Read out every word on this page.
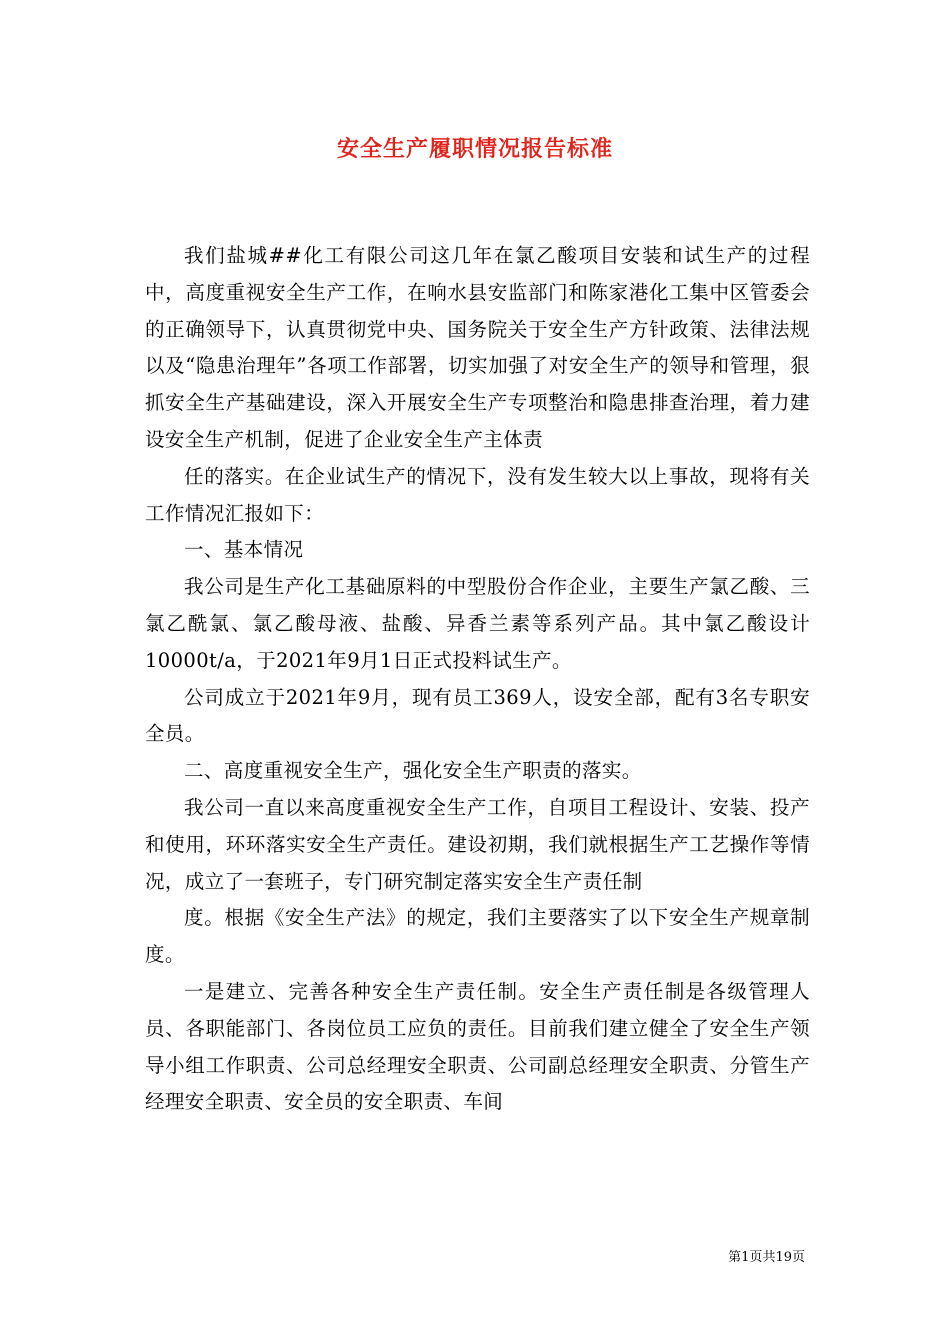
安全生产履职情况报告标准

我们盐城##化工有限公司这几年在氯乙酸项目安装和试生产的过程中，高度重视安全生产工作，在响水县安监部门和陈家港化工集中区管委会的正确领导下，认真贯彻党中央、国务院关于安全生产方针政策、法律法规以及“隐患治理年”各项工作部署，切实加强了对安全生产的领导和管理，狠抓安全生产基础建设，深入开展安全生产专项整治和隐患排查治理，着力建设安全生产机制，促进了企业安全生产主体责

任的落实。在企业试生产的情况下，没有发生较大以上事故，现将有关工作情况汇报如下：

一、基本情况

我公司是生产化工基础原料的中型股份合作企业，主要生产氯乙酸、三氯乙酰氯、氯乙酸母液、盐酸、异香兰素等系列产品。其中氯乙酸设计10000t/a，于2021年9月1日正式投料试生产。

公司成立于2021年9月，现有员工369人，设安全部，配有3名专职安全员。

二、高度重视安全生产，强化安全生产职责的落实。

我公司一直以来高度重视安全生产工作，自项目工程设计、安装、投产和使用，环环落实安全生产责任。建设初期，我们就根据生产工艺操作等情况，成立了一套班子，专门研究制定落实安全生产责任制

度。根据《安全生产法》的规定，我们主要落实了以下安全生产规章制度。

一是建立、完善各种安全生产责任制。安全生产责任制是各级管理人员、各职能部门、各岗位员工应负的责任。目前我们建立健全了安全生产领导小组工作职责、公司总经理安全职责、公司副总经理安全职责、分管生产经理安全职责、安全员的安全职责、车间

第1页共19页
